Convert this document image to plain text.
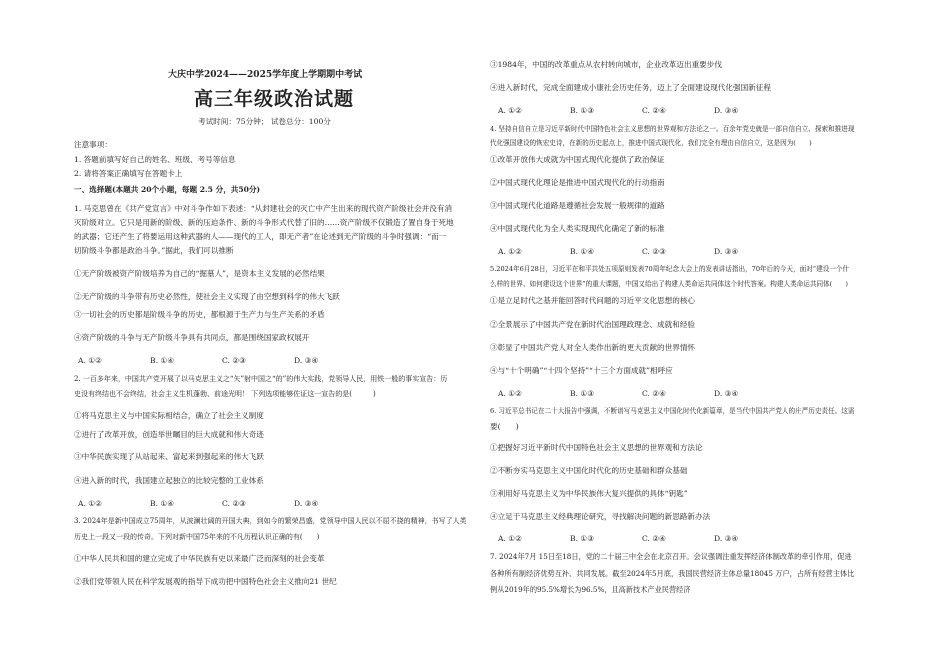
大庆中学2024——2025学年度上学期期中考试
高三年级政治试题
考试时间：75分钟； 试卷总分：100分
注意事项：
1. 答题前填写好自己的姓名、班级、考号等信息
2. 请将答案正确填写在答题卡上
一、选择题(本题共 20个小题，每题 2.5 分，共50分)
1. 马克思曾在《共产党宣言》中对斗争作如下表述：“从封建社会的灭亡中产生出来的现代资产阶级社会并没有消
灭阶级对立。它只是用新的阶级、新的压迫条件、新的斗争形式代替了旧的……资产阶级不仅锻造了置自身于死地
的武器；它还产生了将要运用这种武器的人——现代的工人，即无产者”在论述到无产阶级的斗争时强调：“而一
切阶级斗争都是政治斗争。”据此，我们可以推断
①无产阶级被资产阶级培养为自己的“掘墓人”，是资本主义发展的必然结果
②无产阶级的斗争带有历史必然性，使社会主义实现了由空想到科学的伟大飞跃
③一切社会的历史都是阶级斗争的历史，都根源于生产力与生产关系的矛盾
④资产阶级的斗争与无产阶级斗争具有共同点，都是围绕国家政权展开
A. ①②	B. ①④	C. ②③	D. ③④
2. 一百多年来，中国共产党开展了以马克思主义之“矢”射中国之“的”的伟大实践，党领导人民，用铁一般的事实宣告：历
史没有终结也不会终结，社会主义生机蓬勃、前途光明！ 下列选项能够佐证这一宣告的是(　　　)
①将马克思主义与中国实际相结合，确立了社会主义制度
②进行了改革开放，创造举世瞩目的巨大成就和伟大奇迹
③中华民族实现了从站起来、富起来到强起来的伟大飞跃
④进入新的时代，我国建立起独立的比较完整的工业体系
A. ①②	B. ①④	C. ②③	D. ③④
3. 2024年是新中国成立75周年，从波澜壮阔的开国大典，到如今的繁荣昌盛，党领导中国人民以不屈不挠的精神，书写了人类
历史上一段又一段的传奇。下列对新中国75年来的不凡历程认识正确的有(　　)
①中华人民共和国的建立完成了中华民族有史以来最广泛而深刻的社会变革
②我们党带领人民在科学发展观的指导下成功把中国特色社会主义推向21 世纪
③1984年，中国的改革重点从农村转向城市，企业改革迈出重要步伐
④进入新时代，完成全面建成小康社会历史任务，迈上了全面建设现代化强国新征程
A. ①②	B. ①③	C. ②④	D. ③④
4. 坚持自信自立是习近平新时代中国特色社会主义思想的世界观和方法论之一。百余年党史就是一部自信自立、探索和推进现
代化强国建设的恢宏史诗，在新的历史起点上，推进中国式现代化，我们完全有理由自信自立，这是因为(　　)
①改革开放伟大成就为中国式现代化提供了政治保证
②中国式现代化理论是推进中国式现代化的行动指南
③中国式现代化道路是遵循社会发展一般规律的道路
④中国式现代化为全人类实现现代化确定了新的标准
A. ①②	B. ①④	C. ②③	D. ③④
5.2024年6月28日，习近平在和平共处五项原则发表70周年纪念大会上的发表讲话指出，70年后的今天，面对“建设一个什
么样的世界、如何建设这个世界”的重大课题，中国又给出了构建人类命运共同体这个时代答案。构建人类命运共同体(　　)
①是立足时代之基并能回答时代问题的习近平文化思想的核心
②全景展示了中国共产党在新时代治国理政理念、成就和经验
③彰显了中国共产党人对全人类作出新的更大贡献的世界情怀
④与“十个明确”“十四个坚持”“十三个方面成就”相呼应
A. ①②	B. ①③	C. ②④	D. ③④
6. 习近平总书记在二十大报告中强调，不断谱写马克思主义中国化时代化新篇章，是当代中国共产党人的庄严历史责任。这需
要(　　)
①把握好习近平新时代中国特色社会主义思想的世界观和方法论
②不断夯实马克思主义中国化时代化的历史基础和群众基础
③利用好马克思主义为中华民族伟大复兴提供的具体“钥匙”
④立足于马克思主义经典理论研究，寻找解决问题的新思路新办法
A. ①②	B. ①③	C. ②④	D. ③④
7. 2024年7月 15日至18日，党的二十届三中全会在北京召开。会议强调注重发挥经济体制改革的牵引作用，促进
各种所有制经济优势互补、共同发展。截至2024年5月底，我国民营经济主体总量18045 万户，占所有经营主体比
例从2019年的95.5%增长为96.5%，且高新技术产业民营经济
